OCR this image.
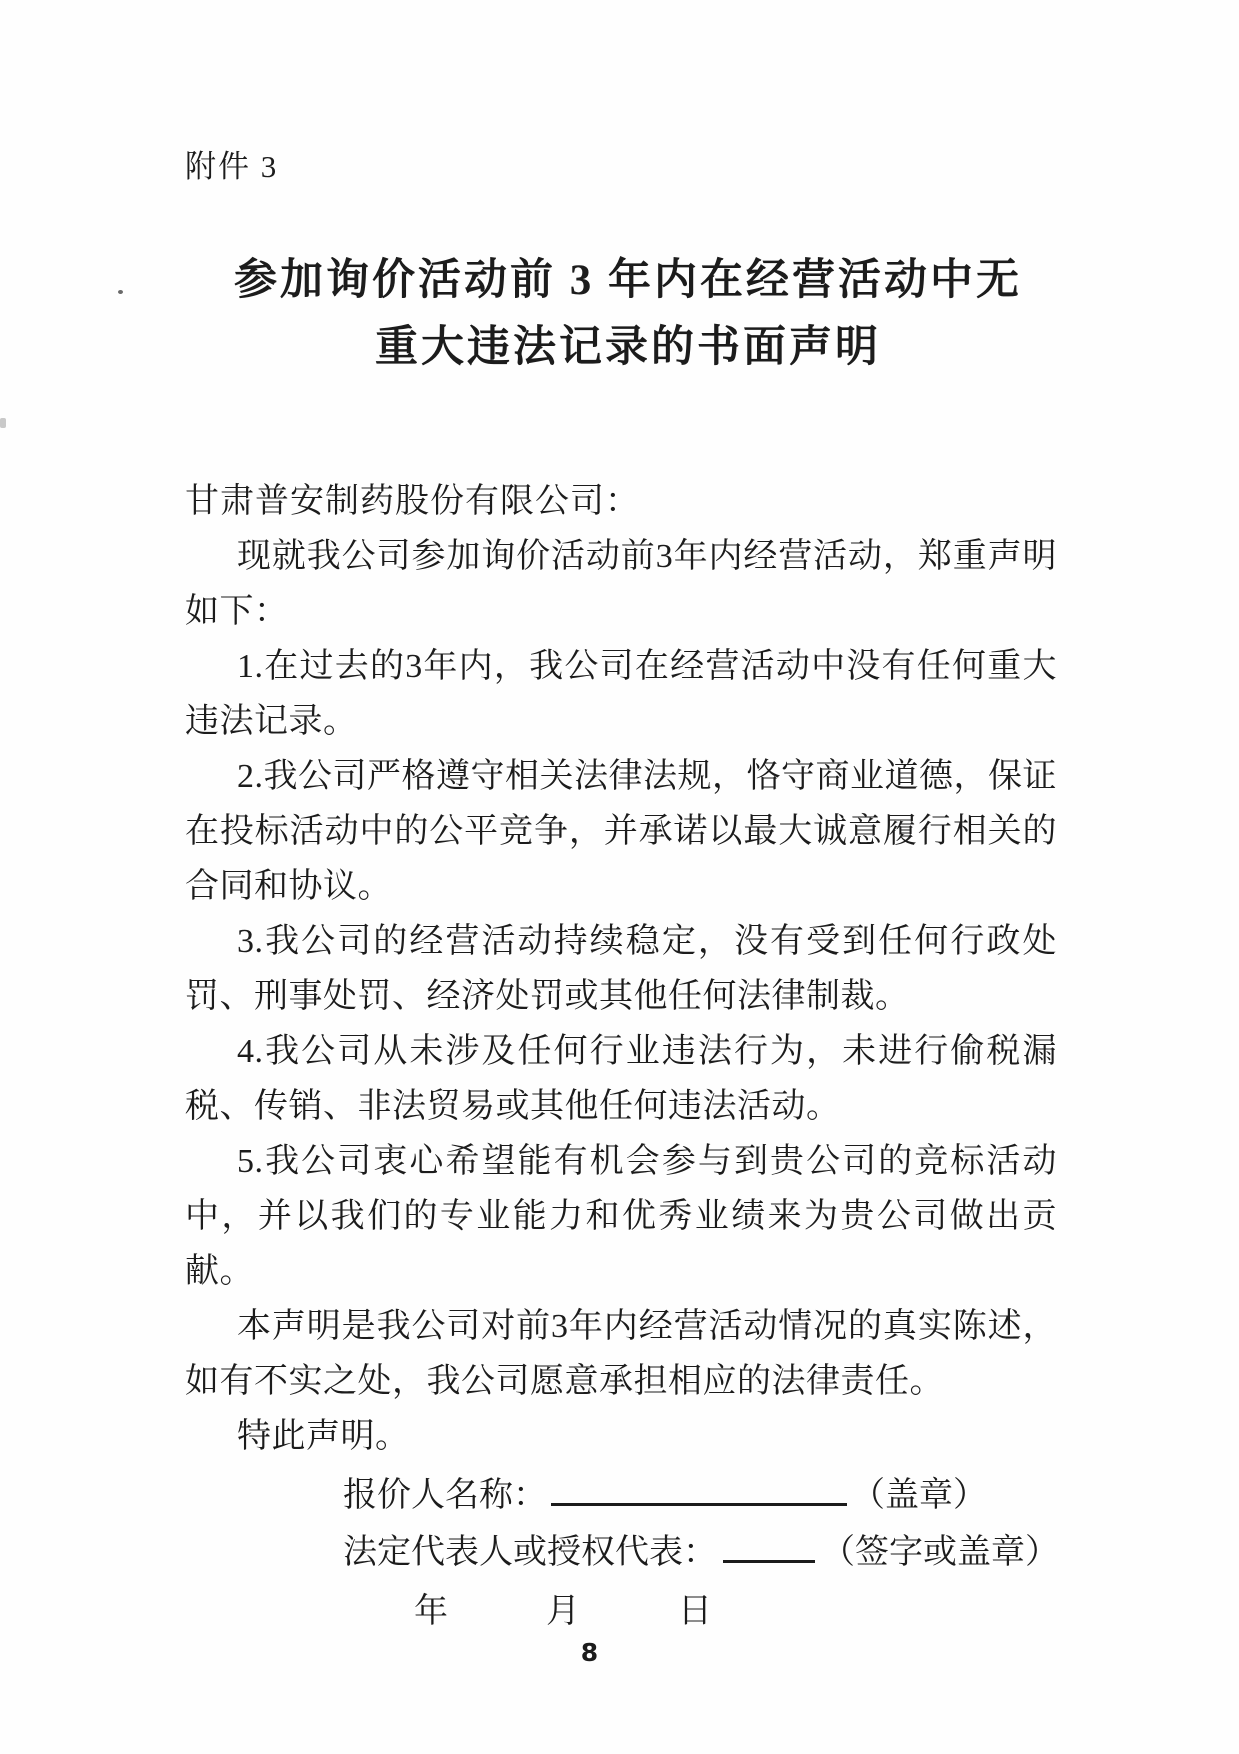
附件 3
参加询价活动前 3 年内在经营活动中无
重大违法记录的书面声明
甘肃普安制药股份有限公司：

现就我公司参加询价活动前3年内经营活动，郑重声明如下：

1.在过去的3年内，我公司在经营活动中没有任何重大违法记录。

2.我公司严格遵守相关法律法规，恪守商业道德，保证在投标活动中的公平竞争，并承诺以最大诚意履行相关的合同和协议。

3.我公司的经营活动持续稳定，没有受到任何行政处罚、刑事处罚、经济处罚或其他任何法律制裁。

4.我公司从未涉及任何行业违法行为，未进行偷税漏税、传销、非法贸易或其他任何违法活动。

5.我公司衷心希望能有机会参与到贵公司的竞标活动中，并以我们的专业能力和优秀业绩来为贵公司做出贡献。

本声明是我公司对前3年内经营活动情况的真实陈述，如有不实之处，我公司愿意承担相应的法律责任。

特此声明。

报价人名称：	（盖章）
法定代表人或授权代表：	（签字或盖章）
年　　月　　日
8
